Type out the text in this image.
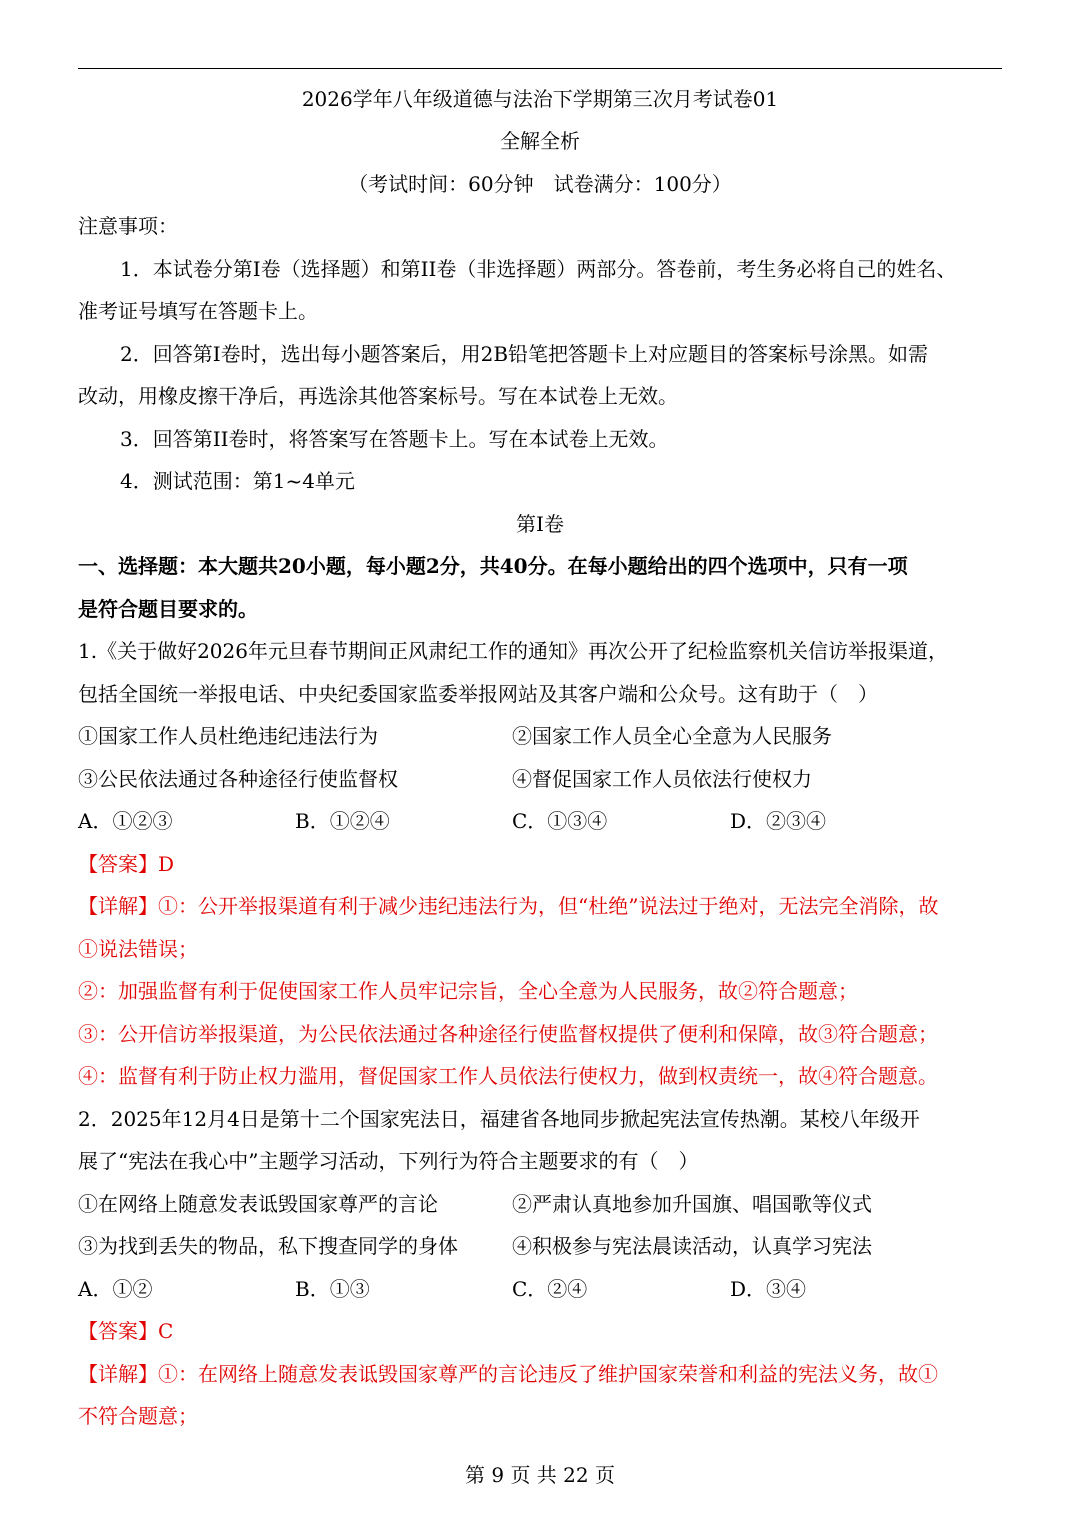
2026学年八年级道德与法治下学期第三次月考试卷01
全解全析
（考试时间：60分钟　试卷满分：100分）
注意事项：
1．本试卷分第I卷（选择题）和第II卷（非选择题）两部分。答卷前，考生务必将自己的姓名、
准考证号填写在答题卡上。
2．回答第I卷时，选出每小题答案后，用2B铅笔把答题卡上对应题目的答案标号涂黑。如需
改动，用橡皮擦干净后，再选涂其他答案标号。写在本试卷上无效。
3．回答第II卷时，将答案写在答题卡上。写在本试卷上无效。
4．测试范围：第1~4单元
第I卷
一、选择题：本大题共20小题，每小题2分，共40分。在每小题给出的四个选项中，只有一项
是符合题目要求的。
1.《关于做好2026年元旦春节期间正风肃纪工作的通知》再次公开了纪检监察机关信访举报渠道，
包括全国统一举报电话、中央纪委国家监委举报网站及其客户端和公众号。这有助于（　）
①国家工作人员杜绝违纪违法行为	②国家工作人员全心全意为人民服务
③公民依法通过各种途径行使监督权	④督促国家工作人员依法行使权力
A．①②③	B．①②④	C．①③④	D．②③④
【答案】D
【详解】①：公开举报渠道有利于减少违纪违法行为，但“杜绝”说法过于绝对，无法完全消除，故
①说法错误；
②：加强监督有利于促使国家工作人员牢记宗旨，全心全意为人民服务，故②符合题意；
③：公开信访举报渠道，为公民依法通过各种途径行使监督权提供了便利和保障，故③符合题意；
④：监督有利于防止权力滥用，督促国家工作人员依法行使权力，做到权责统一，故④符合题意。
2．2025年12月4日是第十二个国家宪法日，福建省各地同步掀起宪法宣传热潮。某校八年级开
展了“宪法在我心中”主题学习活动，下列行为符合主题要求的有（　）
①在网络上随意发表诋毁国家尊严的言论	②严肃认真地参加升国旗、唱国歌等仪式
③为找到丢失的物品，私下搜查同学的身体	④积极参与宪法晨读活动，认真学习宪法
A．①②	B．①③	C．②④	D．③④
【答案】C
【详解】①：在网络上随意发表诋毁国家尊严的言论违反了维护国家荣誉和利益的宪法义务，故①
不符合题意；
第 9 页 共 22 页
